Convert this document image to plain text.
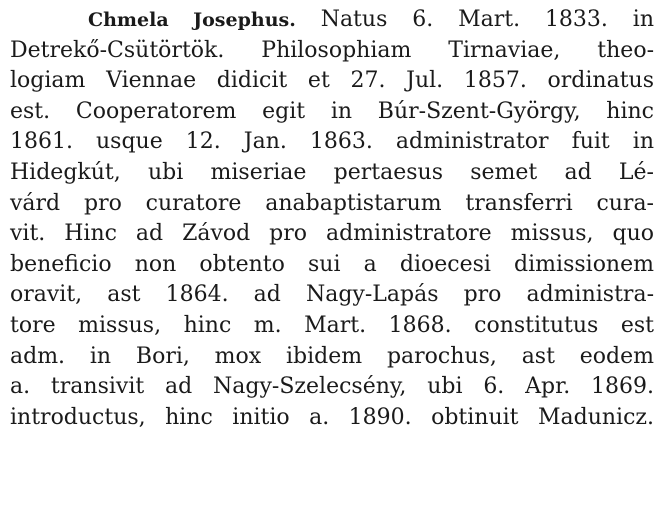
Chmela Josephus. Natus 6. Mart. 1833. in
Detrekő-Csütörtök. Philosophiam Tirnaviae, theo-
logiam Viennae didicit et 27. Jul. 1857. ordinatus
est. Cooperatorem egit in Búr-Szent-György, hinc
1861. usque 12. Jan. 1863. administrator fuit in
Hidegkút, ubi miseriae pertaesus semet ad Lé-
várd pro curatore anabaptistarum transferri cura-
vit. Hinc ad Závod pro administratore missus, quo
beneficio non obtento sui a dioecesi dimissionem
oravit, ast 1864. ad Nagy-Lapás pro administra-
tore missus, hinc m. Mart. 1868. constitutus est
adm. in Bori, mox ibidem parochus, ast eodem
a. transivit ad Nagy-Szelecsény, ubi 6. Apr. 1869.
introductus, hinc initio a. 1890. obtinuit Madunicz.
